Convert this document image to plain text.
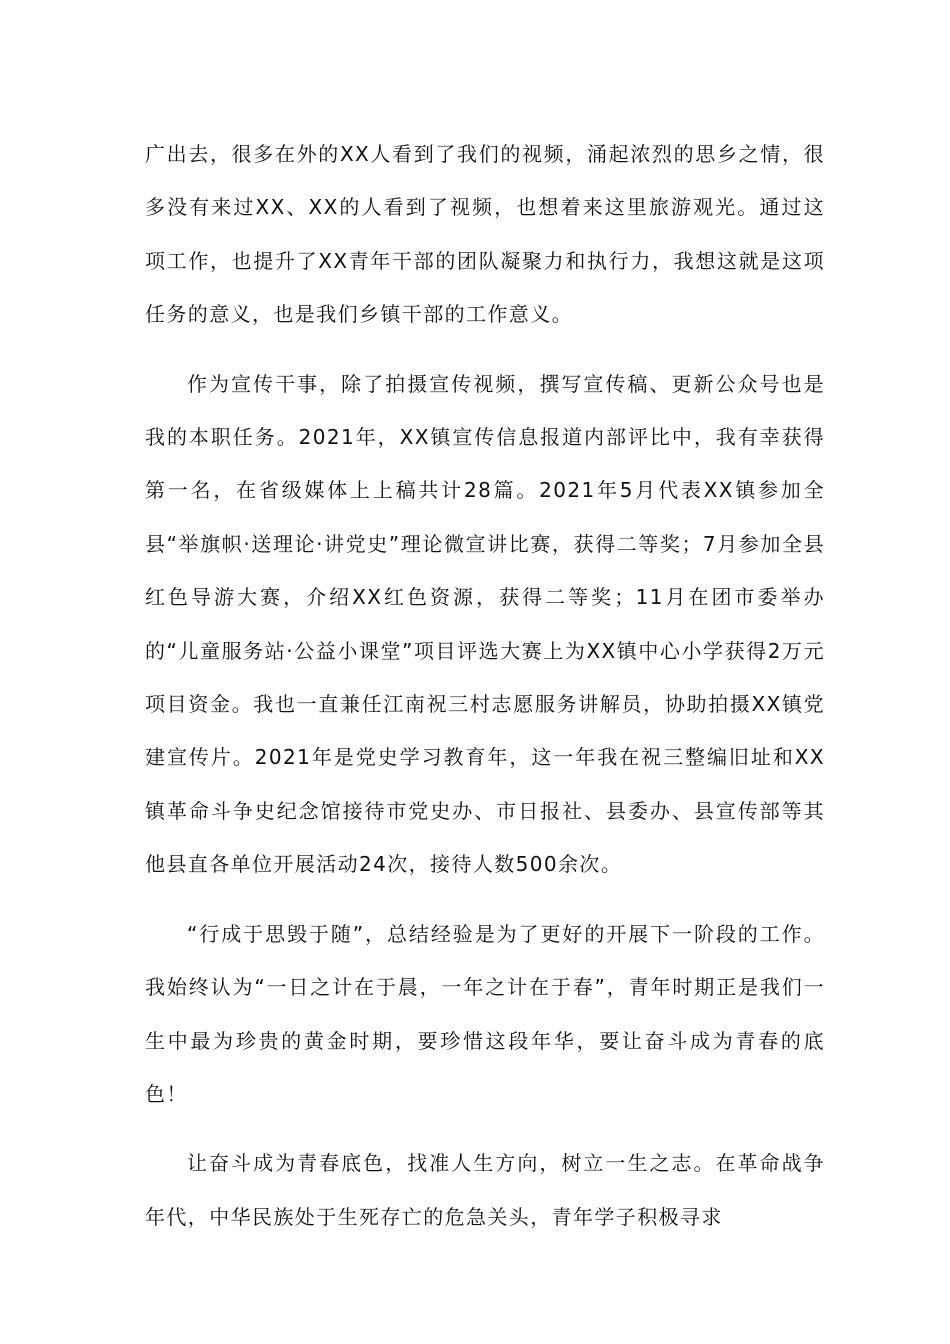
广出去，很多在外的XX人看到了我们的视频，涌起浓烈的思乡之情，很多没有来过XX、XX的人看到了视频，也想着来这里旅游观光。通过这项工作，也提升了XX青年干部的团队凝聚力和执行力，我想这就是这项任务的意义，也是我们乡镇干部的工作意义。

作为宣传干事，除了拍摄宣传视频，撰写宣传稿、更新公众号也是我的本职任务。2021年，XX镇宣传信息报道内部评比中，我有幸获得第一名，在省级媒体上上稿共计28篇。2021年5月代表XX镇参加全县“举旗帜·送理论·讲党史”理论微宣讲比赛，获得二等奖；7月参加全县红色导游大赛，介绍XX红色资源，获得二等奖；11月在团市委举办的“儿童服务站·公益小课堂”项目评选大赛上为XX镇中心小学获得2万元项目资金。我也一直兼任江南祝三村志愿服务讲解员，协助拍摄XX镇党建宣传片。2021年是党史学习教育年，这一年我在祝三整编旧址和XX镇革命斗争史纪念馆接待市党史办、市日报社、县委办、县宣传部等其他县直各单位开展活动24次，接待人数500余次。

“行成于思毁于随”，总结经验是为了更好的开展下一阶段的工作。我始终认为“一日之计在于晨，一年之计在于春”，青年时期正是我们一生中最为珍贵的黄金时期，要珍惜这段年华，要让奋斗成为青春的底色！

让奋斗成为青春底色，找准人生方向，树立一生之志。在革命战争年代，中华民族处于生死存亡的危急关头，青年学子积极寻求
